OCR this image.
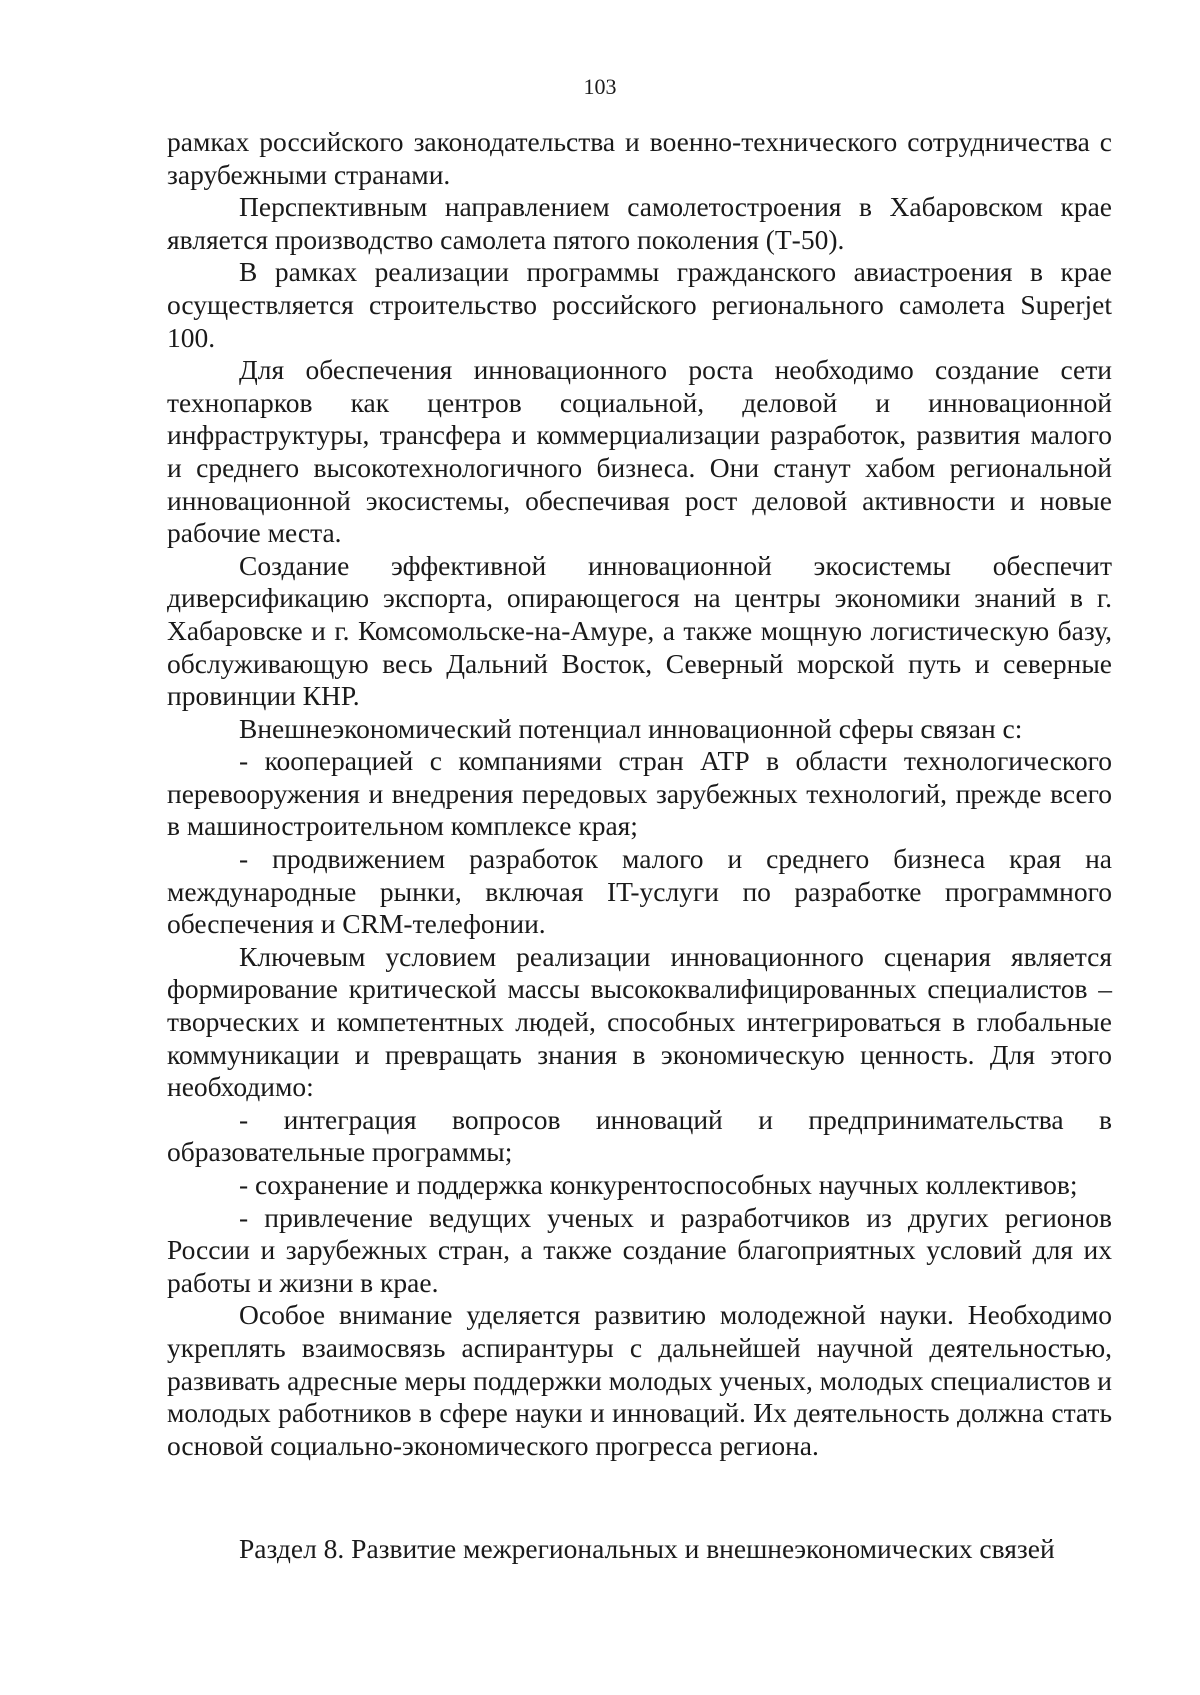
103

рамках российского законодательства и военно-технического сотрудничества с зарубежными странами.

Перспективным направлением самолетостроения в Хабаровском крае является производство самолета пятого поколения (Т-50).

В рамках реализации программы гражданского авиастроения в крае осуществляется строительство российского регионального самолета Superjet 100.

Для обеспечения инновационного роста необходимо создание сети технопарков как центров социальной, деловой и инновационной инфраструктуры, трансфера и коммерциализации разработок, развития малого и среднего высокотехнологичного бизнеса. Они станут хабом региональной инновационной экосистемы, обеспечивая рост деловой активности и новые рабочие места.

Создание эффективной инновационной экосистемы обеспечит диверсификацию экспорта, опирающегося на центры экономики знаний в г. Хабаровске и г. Комсомольске-на-Амуре, а также мощную логистическую базу, обслуживающую весь Дальний Восток, Северный морской путь и северные провинции КНР.

Внешнеэкономический потенциал инновационной сферы связан с:

- кооперацией с компаниями стран АТР в области технологического перевооружения и внедрения передовых зарубежных технологий, прежде всего в машиностроительном комплексе края;

- продвижением разработок малого и среднего бизнеса края на международные рынки, включая IT-услуги по разработке программного обеспечения и CRM-телефонии.

Ключевым условием реализации инновационного сценария является формирование критической массы высококвалифицированных специалистов – творческих и компетентных людей, способных интегрироваться в глобальные коммуникации и превращать знания в экономическую ценность. Для этого необходимо:

- интеграция вопросов инноваций и предпринимательства в образовательные программы;

- сохранение и поддержка конкурентоспособных научных коллективов;

- привлечение ведущих ученых и разработчиков из других регионов России и зарубежных стран, а также создание благоприятных условий для их работы и жизни в крае.

Особое внимание уделяется развитию молодежной науки. Необходимо укреплять взаимосвязь аспирантуры с дальнейшей научной деятельностью, развивать адресные меры поддержки молодых ученых, молодых специалистов и молодых работников в сфере науки и инноваций. Их деятельность должна стать основой социально-экономического прогресса региона.

Раздел 8. Развитие межрегиональных и внешнеэкономических связей
